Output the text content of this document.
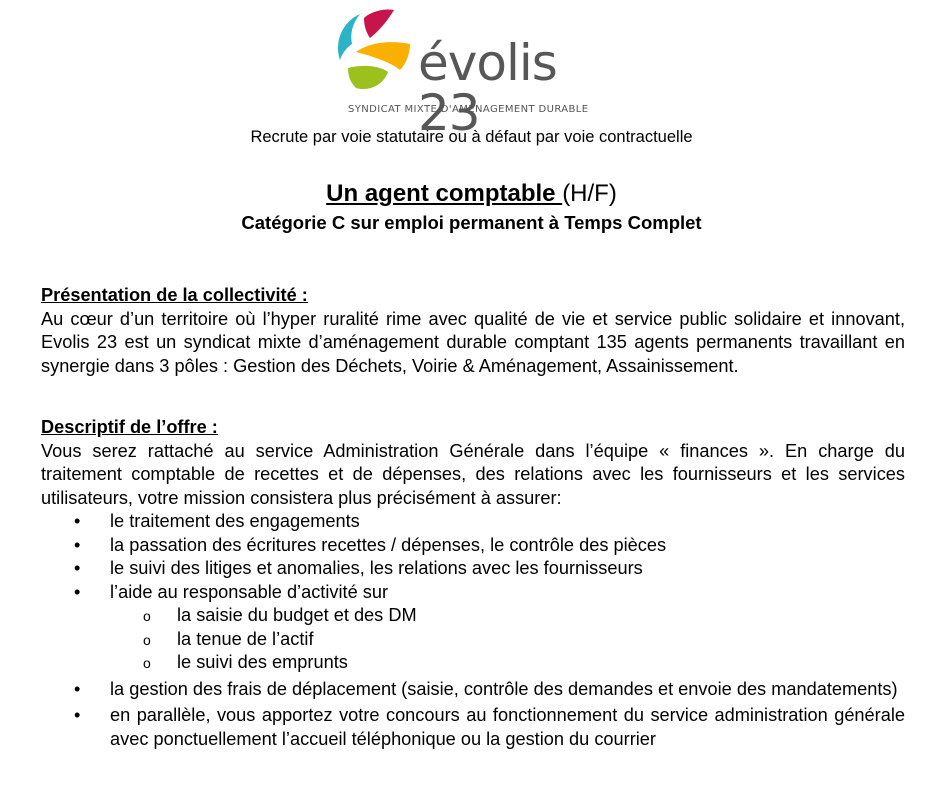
évolis 23
SYNDICAT MIXTE D'AMÉNAGEMENT DURABLE
Recrute par voie statutaire ou à défaut par voie contractuelle
Un agent comptable (H/F)
Catégorie C sur emploi permanent à Temps Complet
Présentation de la collectivité :
Au cœur d’un territoire où l’hyper ruralité rime avec qualité de vie et service public solidaire et innovant, Evolis 23 est un syndicat mixte d’aménagement durable comptant 135 agents permanents travaillant en synergie dans 3 pôles : Gestion des Déchets, Voirie & Aménagement, Assainissement.
Descriptif de l’offre :
Vous serez rattaché au service Administration Générale dans l’équipe « finances ». En charge du traitement comptable de recettes et de dépenses, des relations avec les fournisseurs et les services utilisateurs, votre mission consistera plus précisément à assurer:
• le traitement des engagements
• la passation des écritures recettes / dépenses, le contrôle des pièces
• le suivi des litiges et anomalies, les relations avec les fournisseurs
• l’aide au responsable d’activité sur
o la saisie du budget et des DM
o la tenue de l’actif
o le suivi des emprunts
• la gestion des frais de déplacement (saisie, contrôle des demandes et envoie des mandatements)
• en parallèle, vous apportez votre concours au fonctionnement du service administration générale avec ponctuellement l’accueil téléphonique ou la gestion du courrier
